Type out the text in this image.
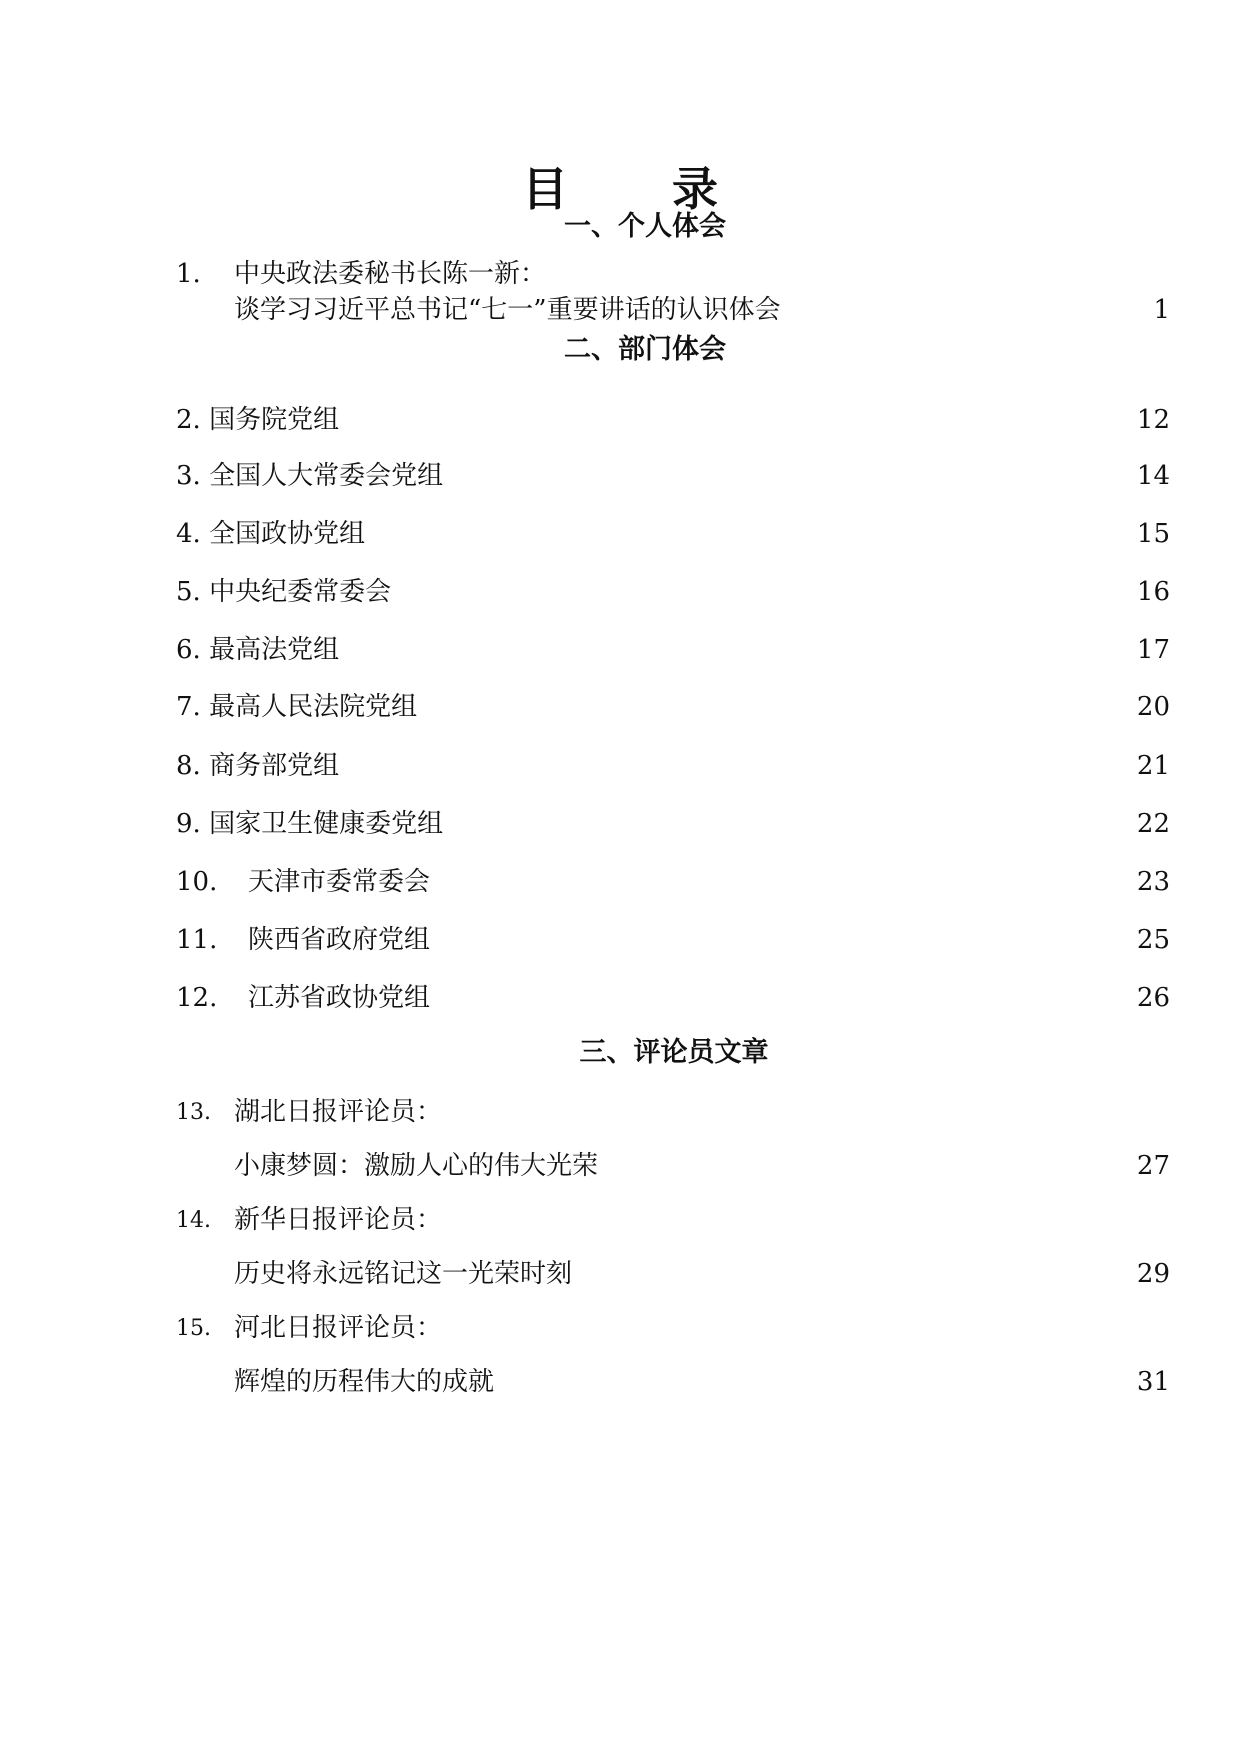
目 录
一、个人体会
1. 中央政法委秘书长陈一新：
谈学习习近平总书记“七一”重要讲话的认识体会	1
二、部门体会
2. 国务院党组	12
3. 全国人大常委会党组	14
4. 全国政协党组	15
5. 中央纪委常委会	16
6. 最高法党组	17
7. 最高人民法院党组	20
8. 商务部党组	21
9. 国家卫生健康委党组	22
10. 天津市委常委会	23
11. 陕西省政府党组	25
12. 江苏省政协党组	26
三、评论员文章
13. 湖北日报评论员：
小康梦圆：激励人心的伟大光荣	27
14. 新华日报评论员：
历史将永远铭记这一光荣时刻	29
15. 河北日报评论员：
辉煌的历程伟大的成就	31
